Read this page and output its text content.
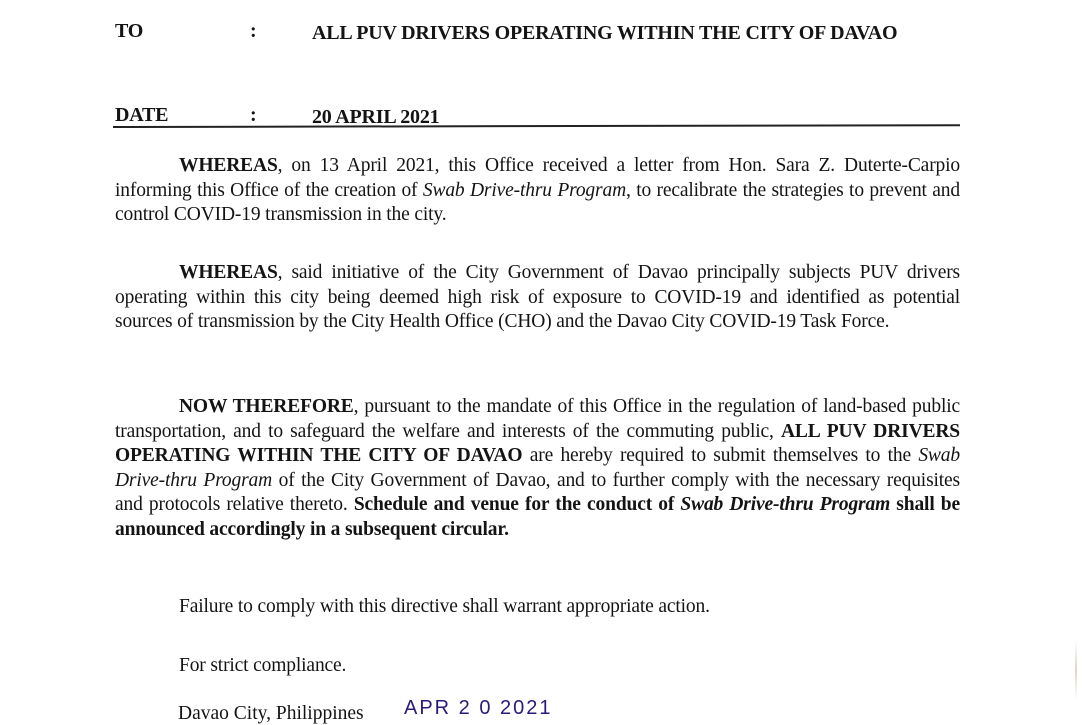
TO	:	ALL PUV DRIVERS OPERATING WITHIN THE CITY OF DAVAO
DATE	:	20 APRIL 2021

WHEREAS, on 13 April 2021, this Office received a letter from Hon. Sara Z. Duterte-Carpio informing this Office of the creation of Swab Drive-thru Program, to recalibrate the strategies to prevent and control COVID-19 transmission in the city.

WHEREAS, said initiative of the City Government of Davao principally subjects PUV drivers operating within this city being deemed high risk of exposure to COVID-19 and identified as potential sources of transmission by the City Health Office (CHO) and the Davao City COVID-19 Task Force.

NOW THEREFORE, pursuant to the mandate of this Office in the regulation of land-based public transportation, and to safeguard the welfare and interests of the commuting public, ALL PUV DRIVERS OPERATING WITHIN THE CITY OF DAVAO are hereby required to submit themselves to the Swab Drive-thru Program of the City Government of Davao, and to further comply with the necessary requisites and protocols relative thereto. Schedule and venue for the conduct of Swab Drive-thru Program shall be announced accordingly in a subsequent circular.

Failure to comply with this directive shall warrant appropriate action.
For strict compliance.
Davao City, Philippines APR 2 0 2021
